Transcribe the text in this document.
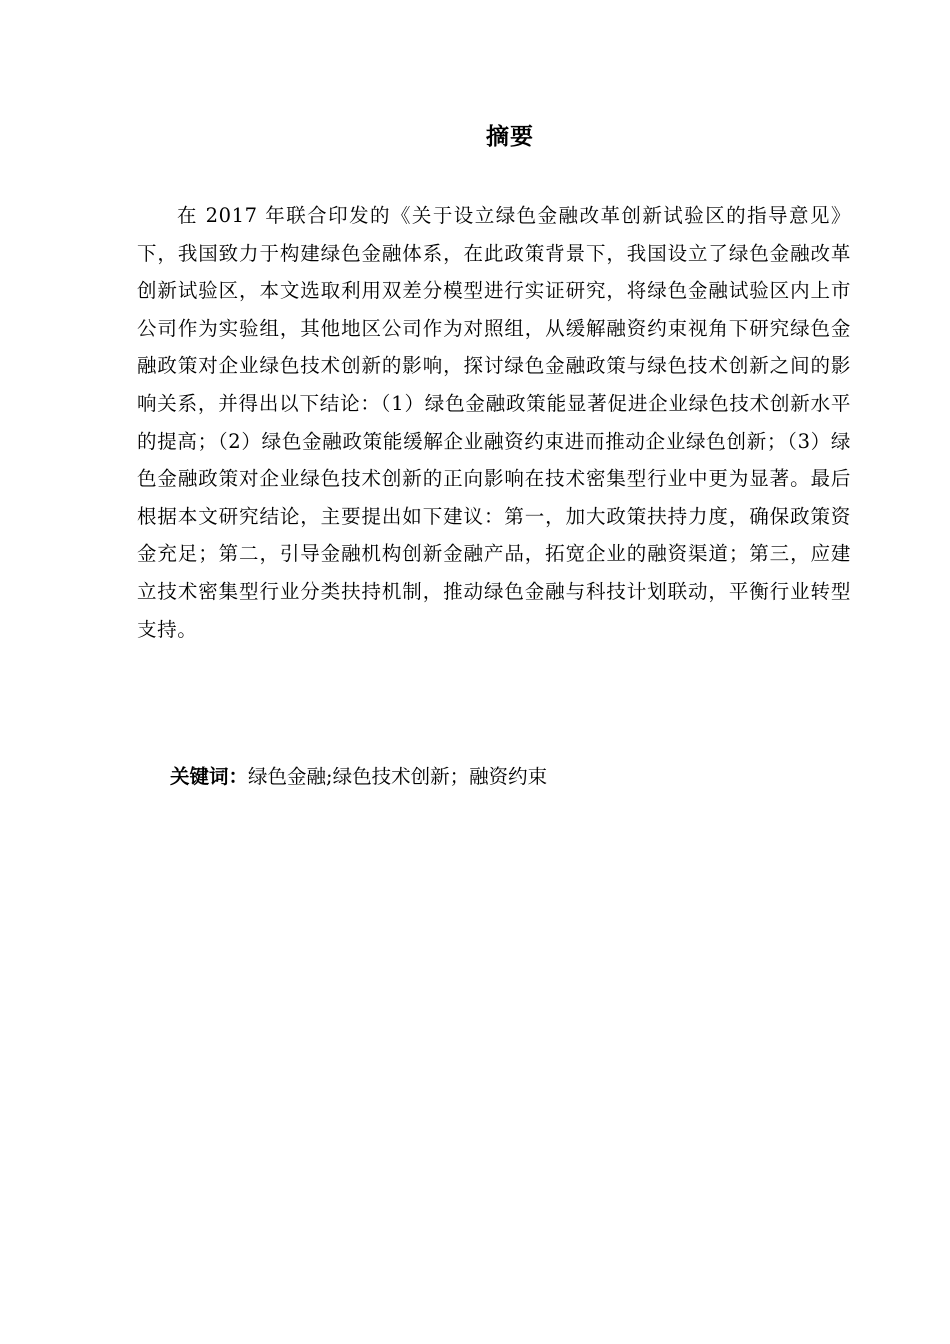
摘要

在 2017 年联合印发的《关于设立绿色金融改革创新试验区的指导意见》下，我国致力于构建绿色金融体系，在此政策背景下，我国设立了绿色金融改革创新试验区，本文选取利用双差分模型进行实证研究，将绿色金融试验区内上市公司作为实验组，其他地区公司作为对照组，从缓解融资约束视角下研究绿色金融政策对企业绿色技术创新的影响，探讨绿色金融政策与绿色技术创新之间的影响关系，并得出以下结论：（1）绿色金融政策能显著促进企业绿色技术创新水平的提高；（2）绿色金融政策能缓解企业融资约束进而推动企业绿色创新；（3）绿色金融政策对企业绿色技术创新的正向影响在技术密集型行业中更为显著。最后根据本文研究结论，主要提出如下建议：第一，加大政策扶持力度，确保政策资金充足；第二，引导金融机构创新金融产品，拓宽企业的融资渠道；第三，应建立技术密集型行业分类扶持机制，推动绿色金融与科技计划联动，平衡行业转型支持。

关键词：绿色金融;绿色技术创新；融资约束
